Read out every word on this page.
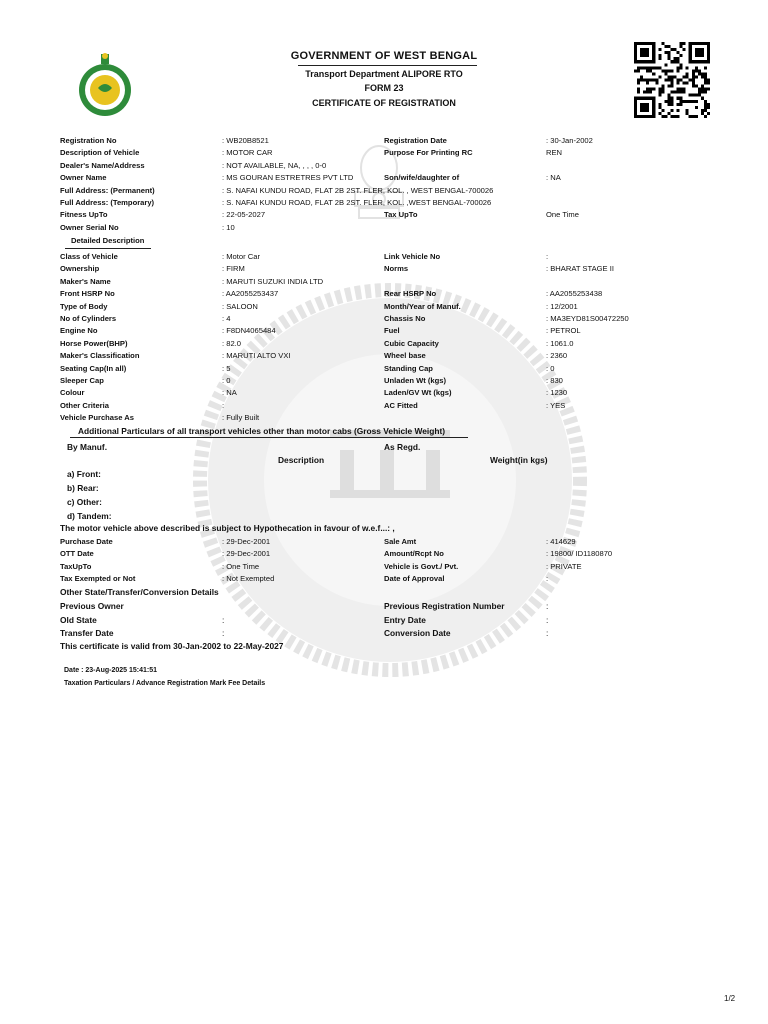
GOVERNMENT OF WEST BENGAL
Transport Department ALIPORE RTO
FORM 23
CERTIFICATE OF REGISTRATION
Registration No	: WB20B8521	Registration Date	: 30-Jan-2002
Description of Vehicle	: MOTOR CAR	Purpose For Printing RC	REN
Dealer's Name/Address	: NOT AVAILABLE, NA, , , , 0-0
Owner Name	: MS GOURAN ESTRETRES PVT LTD	Son/wife/daughter of	: NA
Full Address: (Permanent)	: S. NAFAI KUNDU ROAD, FLAT 2B 2ST. FLER, KOL. , WEST BENGAL-700026
Full Address: (Temporary)	: S. NAFAI KUNDU ROAD, FLAT 2B 2ST. FLER, KOL. ,WEST BENGAL-700026
Fitness UpTo	: 22-05-2027	Tax UpTo	One Time
Owner Serial No	: 10
Detailed Description
Class of Vehicle	: Motor Car	Link Vehicle No	:
Ownership	: FIRM	Norms	: BHARAT STAGE II
Maker's Name	: MARUTI SUZUKI INDIA LTD
Front HSRP No	: AA2055253437	Rear HSRP No	: AA2055253438
Type of Body	: SALOON	Month/Year of Manuf.	: 12/2001
No of Cylinders	: 4	Chassis No	: MA3EYD81S00472250
Engine No	: F8DN4065484	Fuel	: PETROL
Horse Power(BHP)	: 82.0	Cubic Capacity	: 1061.0
Maker's Classification	: MARUTI ALTO VXI	Wheel base	: 2360
Seating Cap(In all)	: 5	Standing Cap	: 0
Sleeper Cap	: 0	Unladen Wt (kgs)	: 830
Colour	: NA	Laden/GV Wt (kgs)	: 1230
Other Criteria	:	AC Fitted	: YES
Vehicle Purchase As	: Fully Built
Additional Particulars of all transport vehicles other than motor cabs (Gross Vehicle Weight)
By Manuf.	As Regd.
Description	Weight(in kgs)
a) Front:
b) Rear:
c) Other:
d) Tandem:
The motor vehicle above described is subject to Hypothecation in favour of w.e.f...: ,
Purchase Date	: 29-Dec-2001	Sale Amt	: 414629
OTT Date	: 29-Dec-2001	Amount/Rcpt No	: 19800/ ID1180870
TaxUpTo	: One Time	Vehicle is Govt./ Pvt.	: PRIVATE
Tax Exempted or Not	: Not Exempted	Date of Approval	:
Other State/Transfer/Conversion Details
Previous Owner	Previous Registration Number	:
Old State	:	Entry Date	:
Transfer Date	:	Conversion Date	:
This certificate is valid from 30-Jan-2002 to 22-May-2027
Date : 23-Aug-2025 15:41:51
Taxation Particulars / Advance Registration Mark Fee Details
1/2
